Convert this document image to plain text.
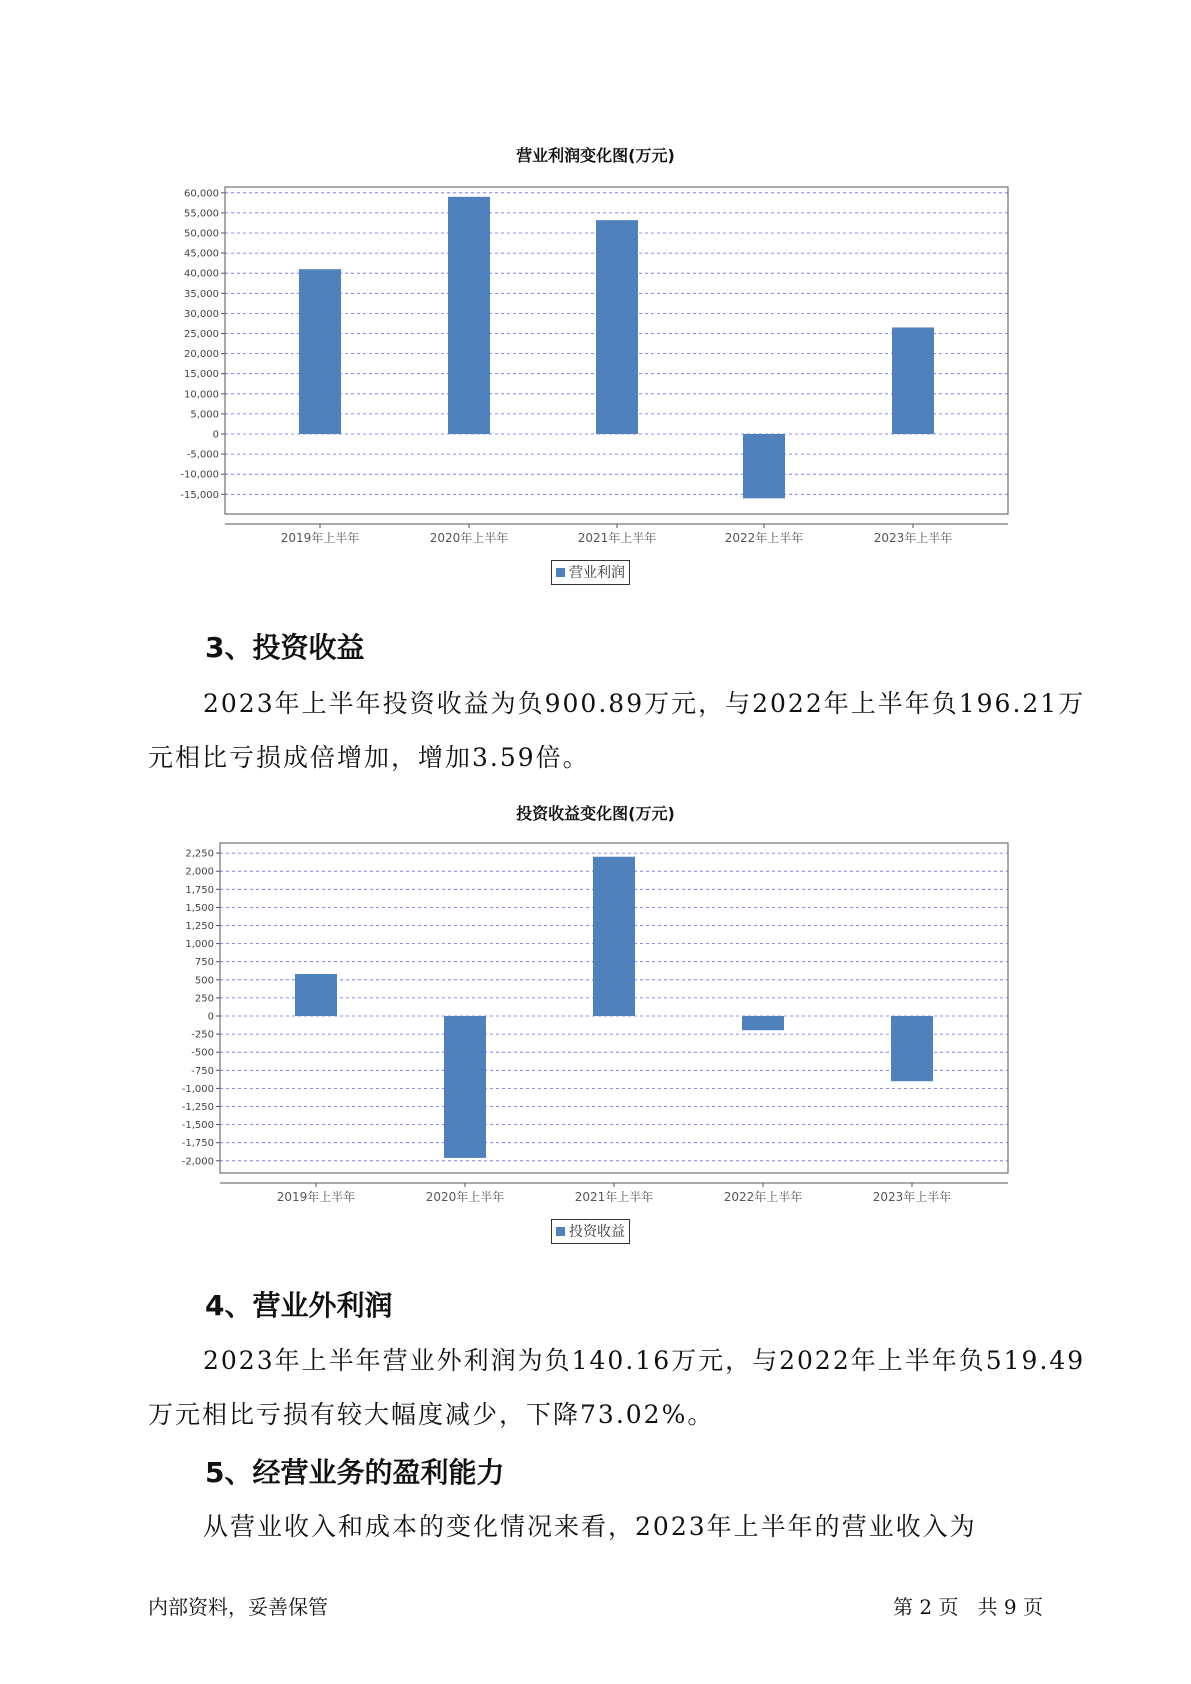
营业利润变化图(万元)
60,000
55,000
50,000
45,000
40,000
35,000
30,000
25,000
20,000
15,000
10,000
5,000
0
-5,000
-10,000
-15,000
2019年上半年	2020年上半年	2021年上半年	2022年上半年	2023年上半年
营业利润
3、投资收益
2023年上半年投资收益为负900.89万元，与2022年上半年负196.21万
元相比亏损成倍增加，增加3.59倍。
投资收益变化图(万元)
2,250
2,000
1,750
1,500
1,250
1,000
750
500
250
0
-250
-500
-750
-1,000
-1,250
-1,500
-1,750
-2,000
2019年上半年	2020年上半年	2021年上半年	2022年上半年	2023年上半年
投资收益
4、营业外利润
2023年上半年营业外利润为负140.16万元，与2022年上半年负519.49
万元相比亏损有较大幅度减少，下降73.02%。
5、经营业务的盈利能力
从营业收入和成本的变化情况来看，2023年上半年的营业收入为
内部资料，妥善保管	第 2 页   共 9 页
